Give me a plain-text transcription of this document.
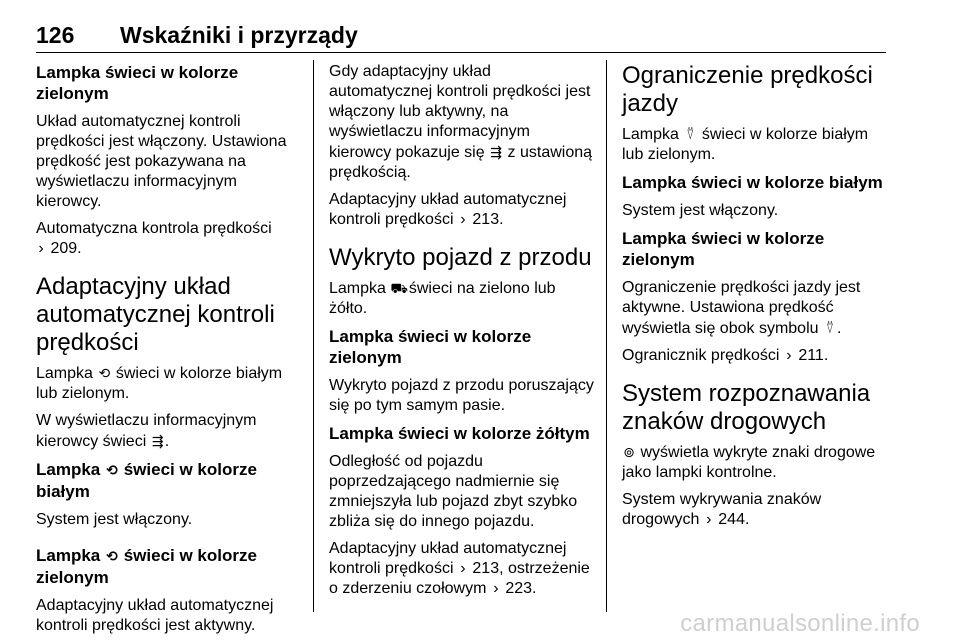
126 Wskaźniki i przyrządy
Lampka świeci w kolorze zielonym

Układ automatycznej kontroli prędkości jest włączony. Ustawiona prędkość jest pokazywana na wyświetlaczu informacyjnym kierowcy.

Automatyczna kontrola prędkości
› 209.

Adaptacyjny układ automatycznej kontroli prędkości

Lampka ⟲ świeci w kolorze białym lub zielonym.

W wyświetlaczu informacyjnym kierowcy świeci ⇶.

Lampka ⟲ świeci w kolorze białym

System jest włączony.

Lampka ⟲ świeci w kolorze zielonym

Adaptacyjny układ automatycznej kontroli prędkości jest aktywny.

Gdy adaptacyjny układ automatycznej kontroli prędkości jest włączony lub aktywny, na wyświetlaczu informacyjnym kierowcy pokazuje się ⇶ z ustawioną prędkością.

Adaptacyjny układ automatycznej kontroli prędkości › 213.

Wykryto pojazd z przodu

Lampka ⛟ świeci na zielono lub żółto.

Lampka świeci w kolorze zielonym

Wykryto pojazd z przodu poruszający się po tym samym pasie.

Lampka świeci w kolorze żółtym

Odległość od pojazdu poprzedzającego nadmiernie się zmniejszyła lub pojazd zbyt szybko zbliża się do innego pojazdu.

Adaptacyjny układ automatycznej kontroli prędkości › 213, ostrzeżenie o zderzeniu czołowym › 223.

Ograniczenie prędkości jazdy

Lampka ⍢ świeci w kolorze białym lub zielonym.

Lampka świeci w kolorze białym

System jest włączony.

Lampka świeci w kolorze zielonym

Ograniczenie prędkości jazdy jest aktywne. Ustawiona prędkość wyświetla się obok symbolu ⍢ .

Ogranicznik prędkości › 211.

System rozpoznawania znaków drogowych

⊚ wyświetla wykryte znaki drogowe jako lampki kontrolne.

System wykrywania znaków drogowych › 244.

carmanualsonline.info
